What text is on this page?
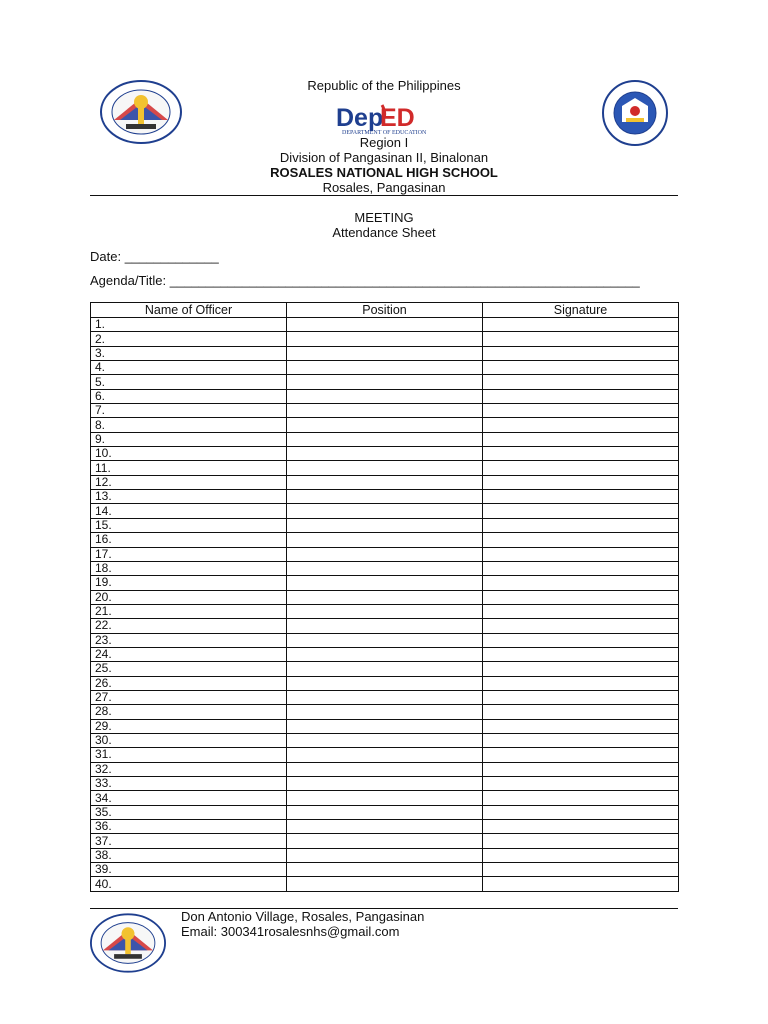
Dep
ED
DEPARTMENT OF EDUCATION
Republic of the Philippines
Region I
Division of Pangasinan II, Binalonan
ROSALES NATIONAL HIGH SCHOOL
Rosales, Pangasinan
MEETING
Attendance Sheet
Date: _____________
Agenda/Title: _________________________________________________________________
Name of Officer	Position	Signature
1.		
2.		
3.		
4.		
5.		
6.		
7.		
8.		
9.		
10.		
11.		
12.		
13.		
14.		
15.		
16.		
17.		
18.		
19.		
20.		
21.		
22.		
23.		
24.		
25.		
26.		
27.		
28.		
29.		
30.		
31.		
32.		
33.		
34.		
35.		
36.		
37.		
38.		
39.		
40.		
Don Antonio Village, Rosales, Pangasinan
Email: 300341rosalesnhs@gmail.com
